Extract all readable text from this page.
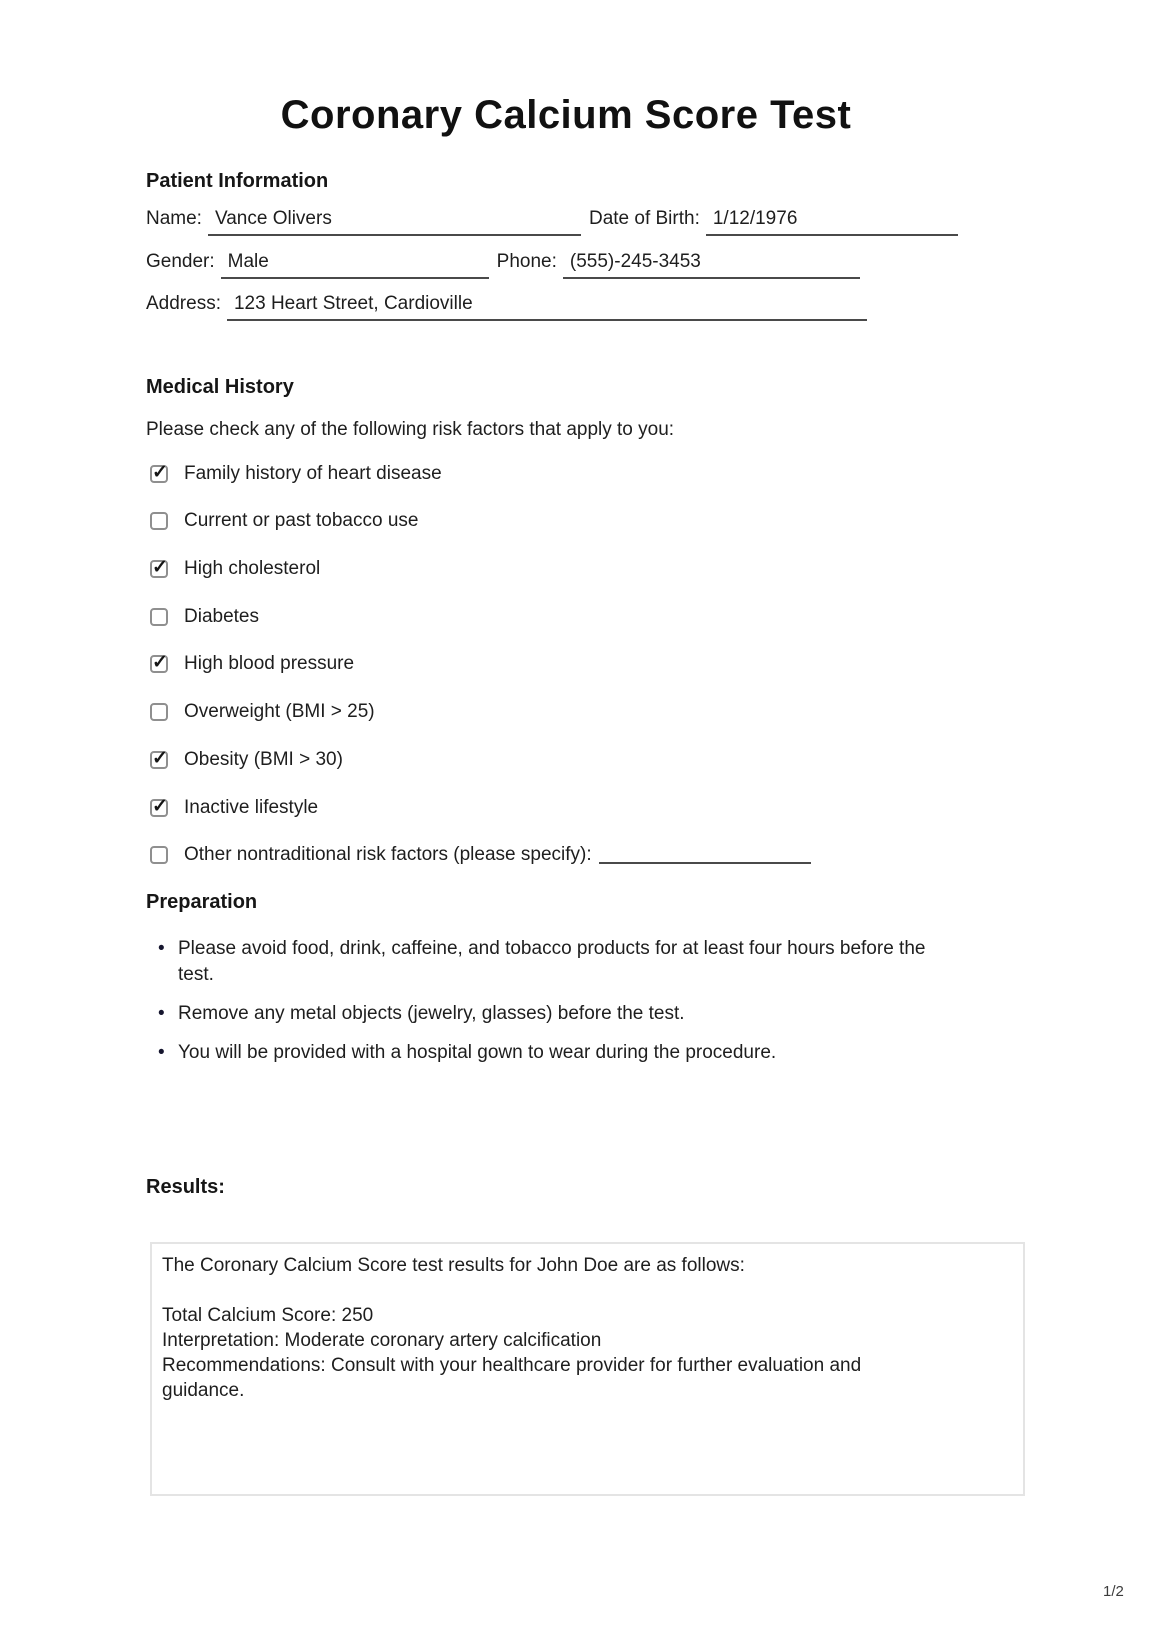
Coronary Calcium Score Test
Patient Information
Name: Vance Olivers	Date of Birth: 1/12/1976
Gender: Male	Phone: (555)-245-3453
Address: 123 Heart Street, Cardioville
Medical History
Please check any of the following risk factors that apply to you:
✓
Family history of heart disease
Current or past tobacco use
✓
High cholesterol
Diabetes
✓
High blood pressure
Overweight (BMI > 25)
✓
Obesity (BMI > 30)
✓
Inactive lifestyle
Other nontraditional risk factors (please specify):
Preparation
• Please avoid food, drink, caffeine, and tobacco products for at least four hours before the test.
• Remove any metal objects (jewelry, glasses) before the test.
• You will be provided with a hospital gown to wear during the procedure.
Results:
The Coronary Calcium Score test results for John Doe are as follows:
Total Calcium Score: 250
Interpretation: Moderate coronary artery calcification
Recommendations: Consult with your healthcare provider for further evaluation and
guidance.
1/2
